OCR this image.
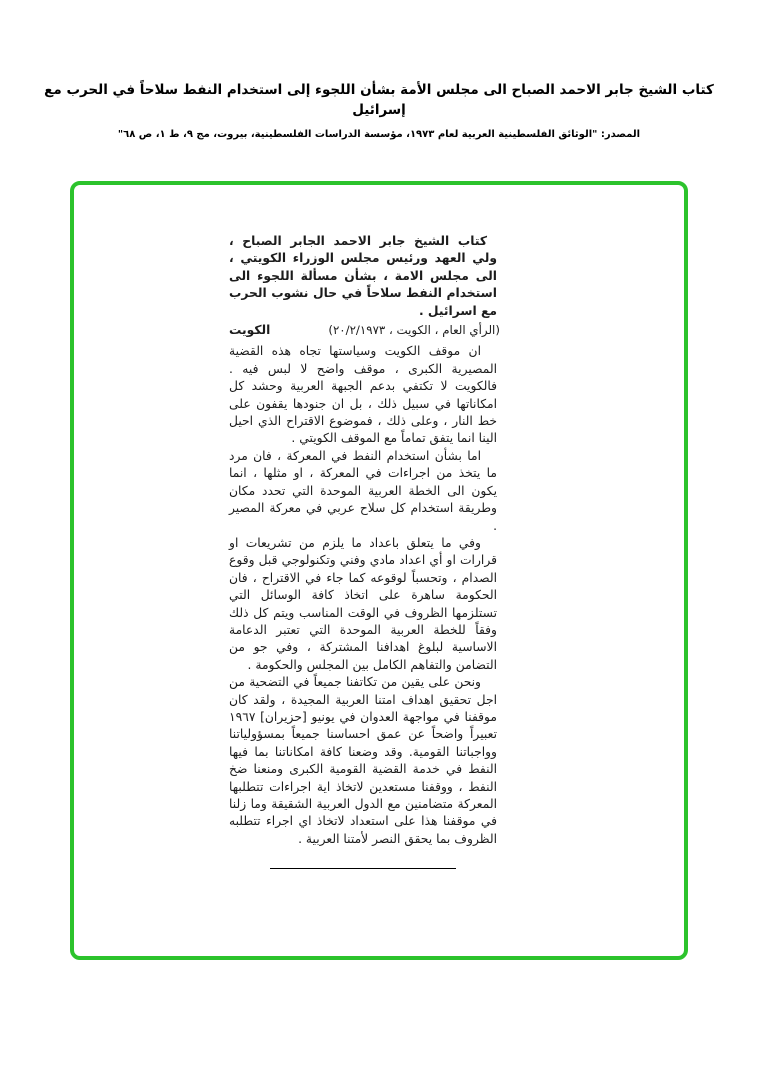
كتاب الشيخ جابر الاحمد الصباح الى مجلس الأمة بشأن اللجوء إلى استخدام النفط سلاحاً في الحرب مع إسرائيل
المصدر: "الوثائق الفلسطينية العربية لعام ١٩٧٣، مؤسسة الدراسات الفلسطينية، بيروت، مج ٩، ط ١، ص ٦٨"

كتاب الشيخ جابر الاحمد الجابر الصباح ، ولي العهد ورئيس مجلس الوزراء الكويتي ، الى مجلس الامة ، بشأن مسألة اللجوء الى استخدام النفط سلاحاً في حال نشوب الحرب مع اسرائيل .

الكويت	(الرأي العام ، الكويت ، ٢٠/٢/١٩٧٣)

ان موقف الكويت وسياستها تجاه هذه القضية المصيرية الكبرى ، موقف واضح لا لبس فيه . فالكويت لا تكتفي بدعم الجبهة العربية وحشد كل امكاناتها في سبيل ذلك ، بل ان جنودها يقفون على خط النار ، وعلى ذلك ، فموضوع الاقتراح الذي احيل الينا انما يتفق تماماً مع الموقف الكويتي .

اما بشأن استخدام النفط في المعركة ، فان مرد ما يتخذ من اجراءات في المعركة ، او مثلها ، انما يكون الى الخطة العربية الموحدة التي تحدد مكان وطريقة استخدام كل سلاح عربي في معركة المصير .

وفي ما يتعلق باعداد ما يلزم من تشريعات او قرارات او أي اعداد مادي وفني وتكنولوجي قبل وقوع الصدام ، وتحسباً لوقوعه كما جاء في الاقتراح ، فان الحكومة ساهرة على اتخاذ كافة الوسائل التي تستلزمها الظروف في الوقت المناسب ويتم كل ذلك وفقاً للخطة العربية الموحدة التي تعتبر الدعامة الاساسية لبلوغ اهدافنا المشتركة ، وفي جو من التضامن والتفاهم الكامل بين المجلس والحكومة .

ونحن على يقين من تكاتفنا جميعاً في التضحية من اجل تحقيق اهداف امتنا العربية المجيدة ، ولقد كان موقفنا في مواجهة العدوان في يونيو [حزيران] ١٩٦٧ تعبيراً واضحاً عن عمق احساسنا جميعاً بمسؤولياتنا وواجباتنا القومية. وقد وضعنا كافة امكاناتنا بما فيها النفط في خدمة القضية القومية الكبرى ومنعنا ضخ النفط ، ووقفنا مستعدين لاتخاذ اية اجراءات تتطلبها المعركة متضامنين مع الدول العربية الشقيقة وما زلنا في موقفنا هذا على استعداد لاتخاذ اي اجراء تتطلبه الظروف بما يحقق النصر لأمتنا العربية .
